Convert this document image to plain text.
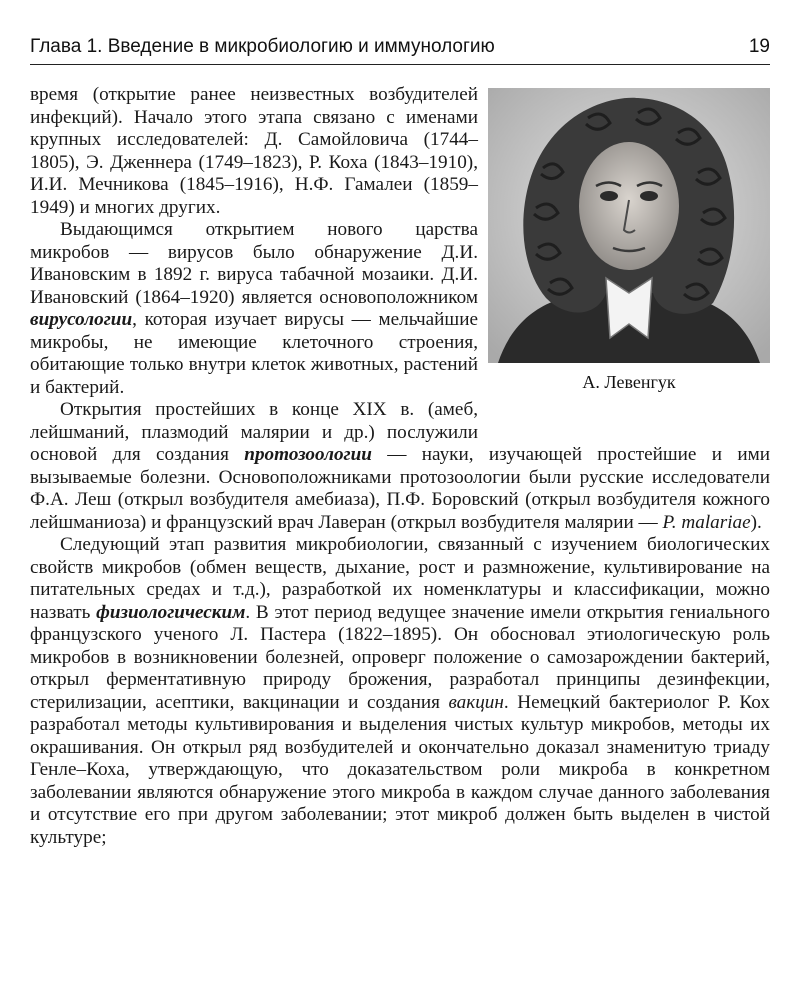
Глава 1. Введение в микробиологию и иммунологию	19

время (открытие ранее неизвестных возбудителей инфекций). Начало этого этапа связано с именами крупных исследователей: Д. Самойловича (1744–1805), Э. Дженнера (1749–1823), Р. Коха (1843–1910), И.И. Мечникова (1845–1916), Н.Ф. Гамалеи (1859–1949) и многих других.

Выдающимся открытием нового царства микробов — вирусов было обнаружение Д.И. Ивановским в 1892 г. вируса табачной мозаики. Д.И. Ивановский (1864–1920) является основоположником вирусологии, которая изучает вирусы — мельчайшие микробы, не имеющие клеточного строения, обитающие только внутри клеток животных, растений и бактерий.

Открытия простейших в конце XIX в. (амеб, лейшманий, плазмодий малярии и др.) послужили основой для создания протозоологии — науки, изучающей простейшие и ими вызываемые болезни. Основоположниками протозоологии были русские исследователи Ф.А. Леш (открыл возбудителя амебиаза), П.Ф. Боровский (открыл возбудителя кожного лейшманиоза) и французский врач Лаверан (открыл возбудителя малярии — P. malariae).

Следующий этап развития микробиологии, связанный с изучением биологических свойств микробов (обмен веществ, дыхание, рост и размножение, культивирование на питательных средах и т.д.), разработкой их номенклатуры и классификации, можно назвать физиологическим. В этот период ведущее значение имели открытия гениального французского ученого Л. Пастера (1822–1895). Он обосновал этиологическую роль микробов в возникновении болезней, опроверг положение о самозарождении бактерий, открыл ферментативную природу брожения, разработал принципы дезинфекции, стерилизации, асептики, вакцинации и создания вакцин. Немецкий бактериолог Р. Кох разработал методы культивирования и выделения чистых культур микробов, методы их окрашивания. Он открыл ряд возбудителей и окончательно доказал знаменитую триаду Генле–Коха, утверждающую, что доказательством роли микроба в конкретном заболевании являются обнаружение этого микроба в каждом случае данного заболевания и отсутствие его при другом заболевании; этот микроб должен быть выделен в чистой культуре;

А. Левенгук
